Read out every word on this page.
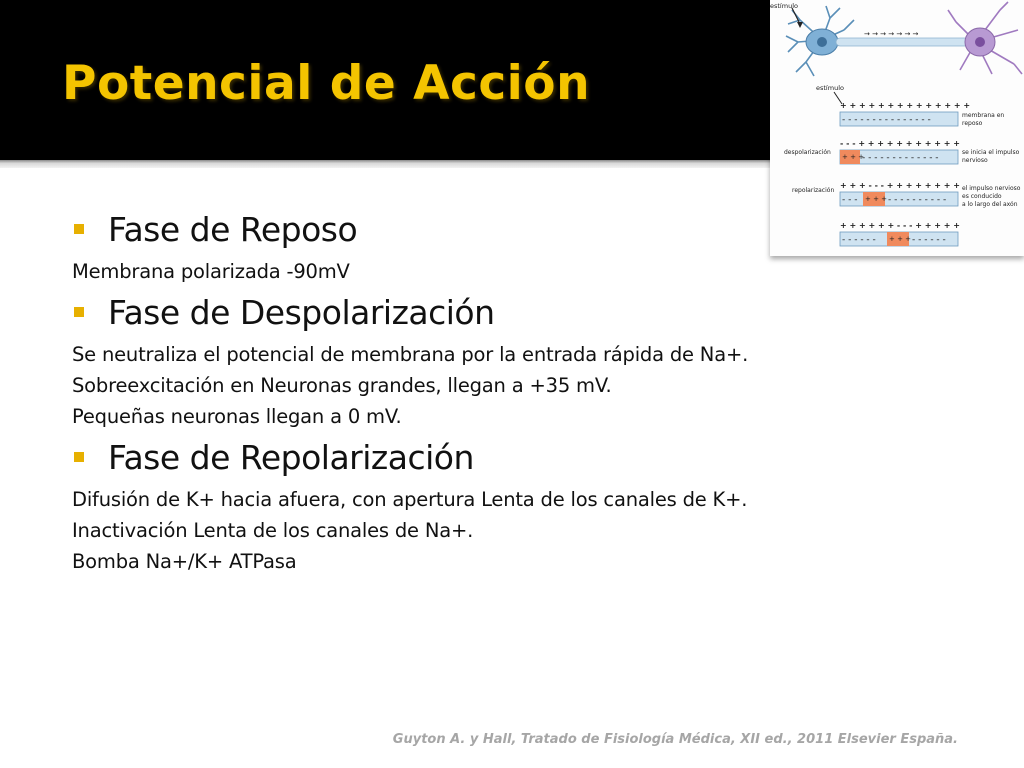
Potencial de Acción
→ → → → → → →
estímulo
estímulo
+ + + + + + + + + + + + + +
- - - - - - - - - - - - - - -	membrana en reposo
- - - + + + + + + + + + + +
+ + +
- - - - - - - - - - - - -
despolarización	se inicia el impulso nervioso
+ + + - - - + + + + + + + +
- - - + + + - - - - - - - - - -
repolarización	el impulso nervioso es conducido a lo largo del axón
+ + + + + + - - - + + + + +
- - - - - - + + + - - - - - -
Fase de Reposo
Membrana polarizada -90mV
Fase de Despolarización
Se neutraliza el potencial de membrana por la entrada rápida de Na+.
Sobreexcitación en Neuronas grandes, llegan a +35 mV.
Pequeñas neuronas llegan a 0 mV.
Fase de Repolarización
Difusión de K+ hacia afuera, con apertura Lenta de los canales de K+.
Inactivación Lenta de los canales de Na+.
Bomba Na+/K+ ATPasa
Guyton A. y Hall, Tratado de Fisiología Médica, XII ed., 2011 Elsevier España.
